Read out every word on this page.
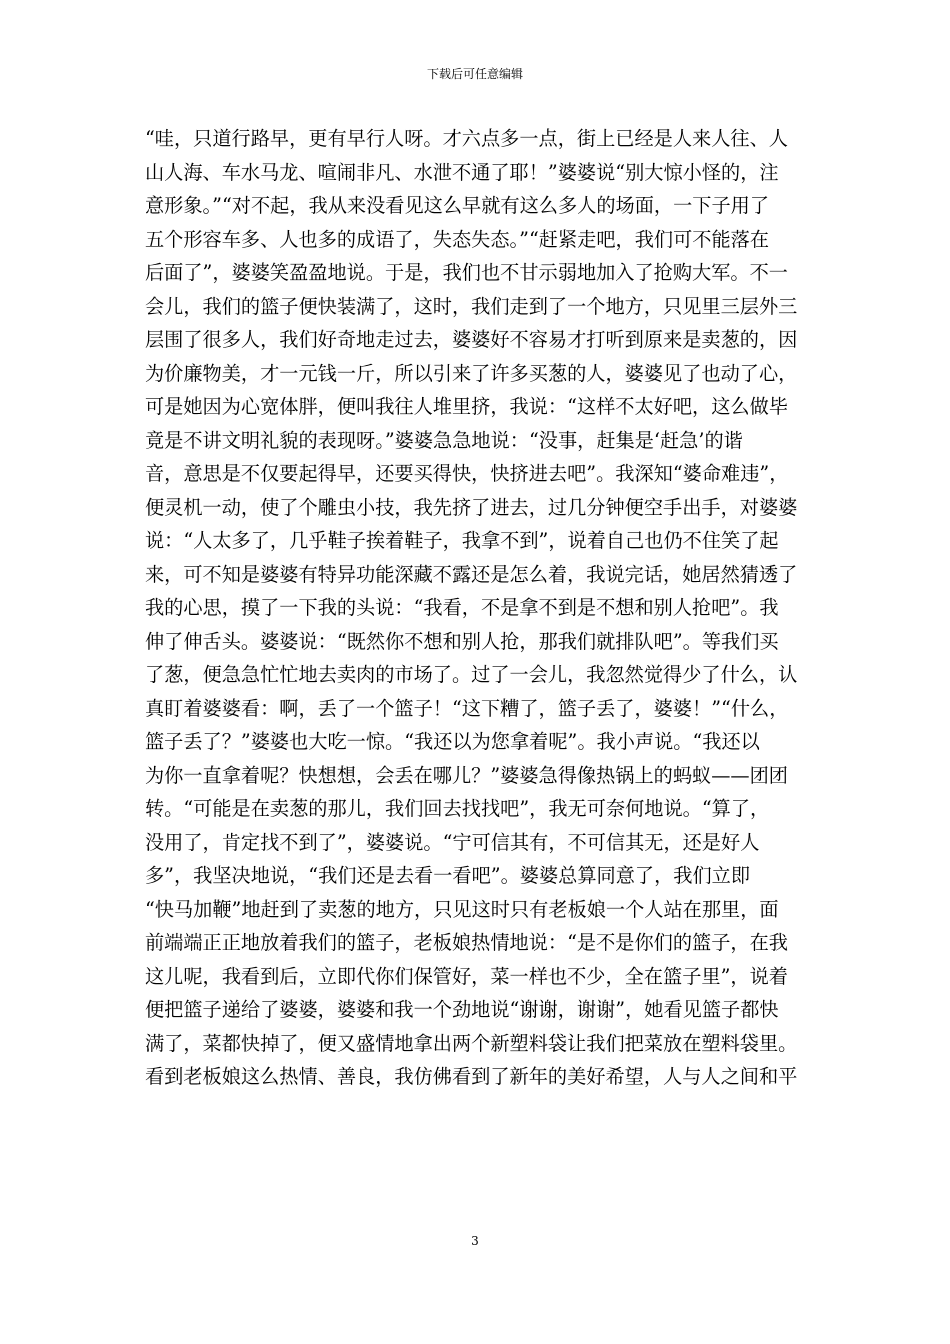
下载后可任意编辑
“哇，只道行路早，更有早行人呀。才六点多一点，街上已经是人来人往、人
山人海、车水马龙、喧闹非凡、水泄不通了耶！”婆婆说“别大惊小怪的，注
意形象。”“对不起，我从来没看见这么早就有这么多人的场面，一下子用了
五个形容车多、人也多的成语了，失态失态。”“赶紧走吧，我们可不能落在
后面了”，婆婆笑盈盈地说。于是，我们也不甘示弱地加入了抢购大军。不一
会儿，我们的篮子便快装满了，这时，我们走到了一个地方，只见里三层外三
层围了很多人，我们好奇地走过去，婆婆好不容易才打听到原来是卖葱的，因
为价廉物美，才一元钱一斤，所以引来了许多买葱的人，婆婆见了也动了心，
可是她因为心宽体胖，便叫我往人堆里挤，我说：“这样不太好吧，这么做毕
竟是不讲文明礼貌的表现呀。”婆婆急急地说：“没事，赶集是‘赶急’的谐
音，意思是不仅要起得早，还要买得快，快挤进去吧”。我深知“婆命难违”，
便灵机一动，使了个雕虫小技，我先挤了进去，过几分钟便空手出手，对婆婆
说：“人太多了，几乎鞋子挨着鞋子，我拿不到”，说着自己也仍不住笑了起
来，可不知是婆婆有特异功能深藏不露还是怎么着，我说完话，她居然猜透了
我的心思，摸了一下我的头说：“我看，不是拿不到是不想和别人抢吧”。我
伸了伸舌头。婆婆说：“既然你不想和别人抢，那我们就排队吧”。等我们买
了葱，便急急忙忙地去卖肉的市场了。过了一会儿，我忽然觉得少了什么，认
真盯着婆婆看：啊，丢了一个篮子！“这下糟了，篮子丢了，婆婆！”“什么，
篮子丢了？”婆婆也大吃一惊。“我还以为您拿着呢”。我小声说。“我还以
为你一直拿着呢？快想想，会丢在哪儿？”婆婆急得像热锅上的蚂蚁——团团
转。“可能是在卖葱的那儿，我们回去找找吧”，我无可奈何地说。“算了，
没用了，肯定找不到了”，婆婆说。“宁可信其有，不可信其无，还是好人
多”，我坚决地说，“我们还是去看一看吧”。婆婆总算同意了，我们立即
“快马加鞭”地赶到了卖葱的地方，只见这时只有老板娘一个人站在那里，面
前端端正正地放着我们的篮子，老板娘热情地说：“是不是你们的篮子，在我
这儿呢，我看到后，立即代你们保管好，菜一样也不少，全在篮子里”，说着
便把篮子递给了婆婆，婆婆和我一个劲地说“谢谢，谢谢”，她看见篮子都快
满了，菜都快掉了，便又盛情地拿出两个新塑料袋让我们把菜放在塑料袋里。
看到老板娘这么热情、善良，我仿佛看到了新年的美好希望，人与人之间和平
3
